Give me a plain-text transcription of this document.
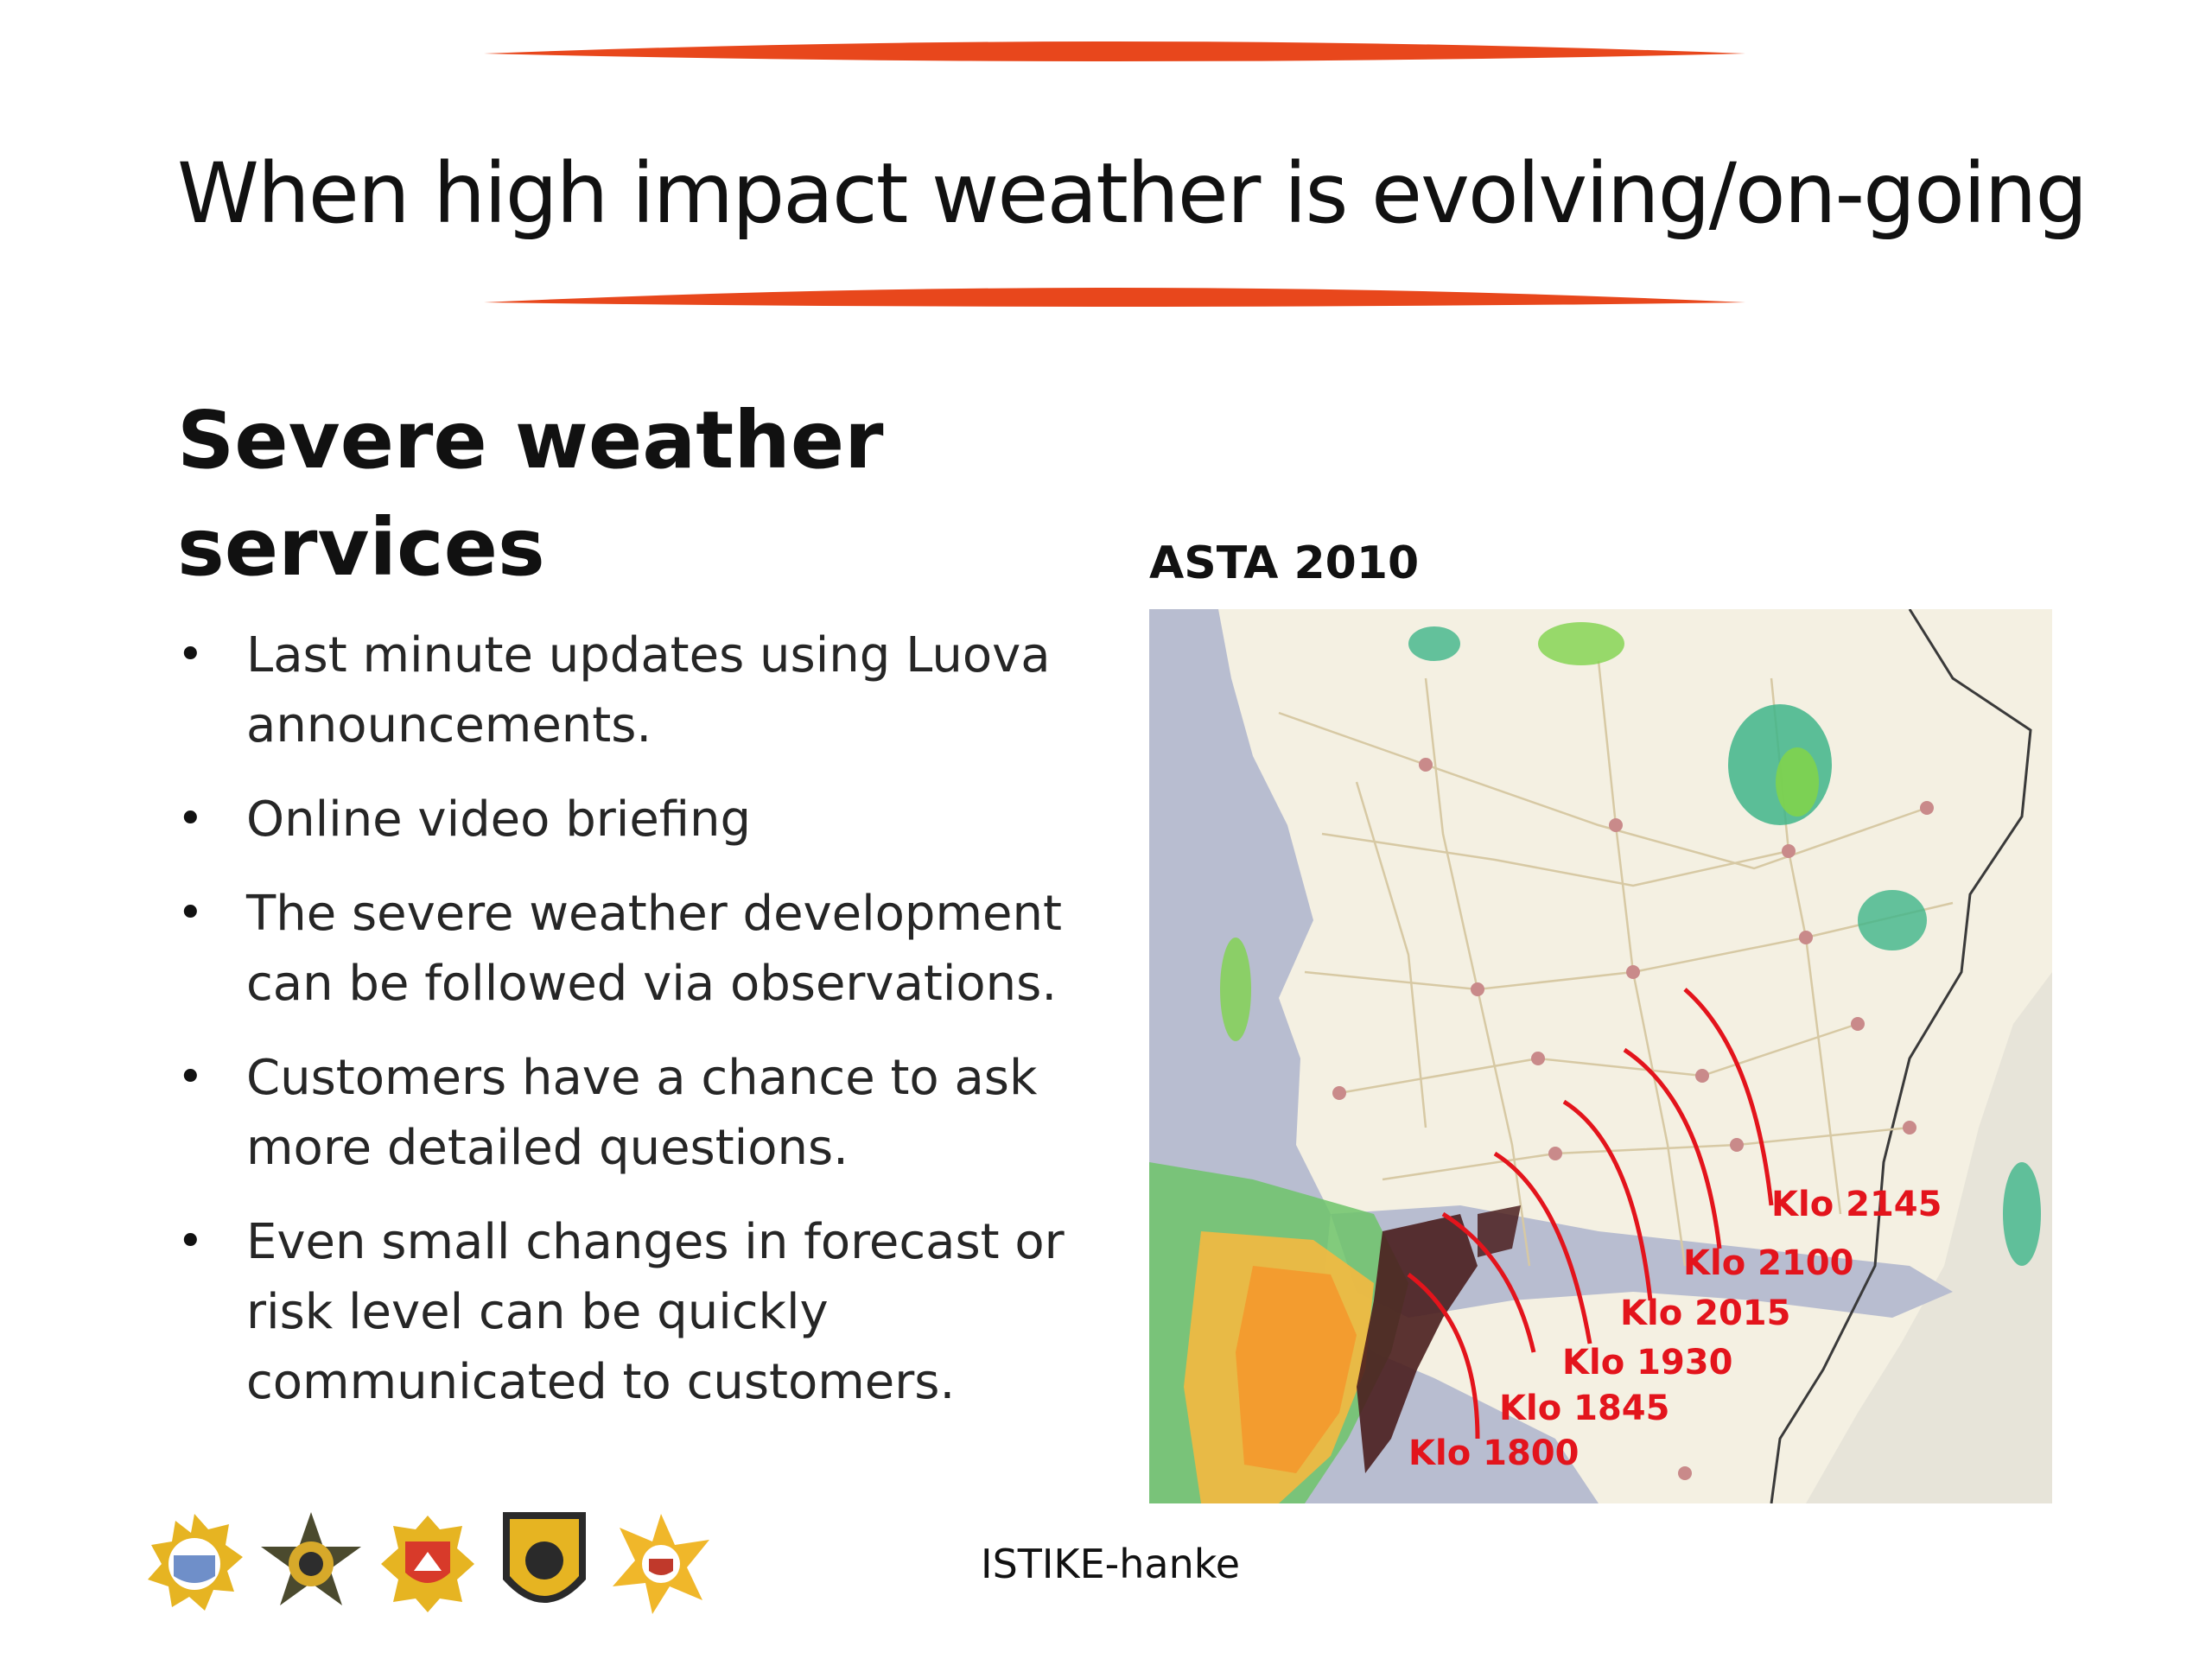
When high impact weather is evolving/on-going
Severe weather
services
• Last minute updates using Luova announcements.
• Online video briefing
• The severe weather development can be followed via observations.
• Customers have a chance to ask more detailed questions.
• Even small changes in forecast or risk level can be quickly communicated to customers.
ASTA 2010
Klo 1800
Klo 1845
Klo 1930
Klo 2015
Klo 2100
Klo 2145
ISTIKE-hanke
